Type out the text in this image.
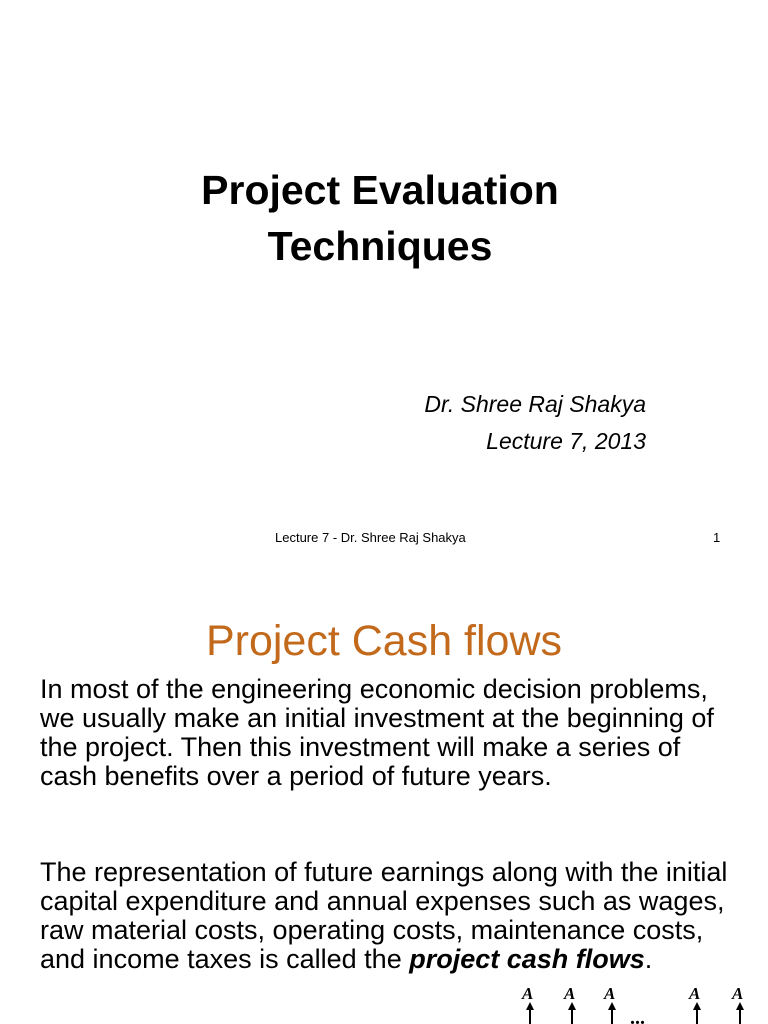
Project Evaluation
Techniques
Dr. Shree Raj Shakya
Lecture 7, 2013
Lecture 7 - Dr. Shree Raj Shakya	1
Project Cash flows

In most of the engineering economic decision problems, we usually make an initial investment at the beginning of the project. Then this investment will make a series of cash benefits over a period of future years.

The representation of future earnings along with the initial capital expenditure and annual expenses such as wages, raw material costs, operating costs, maintenance costs, and income taxes is called the project cash flows.

A A A	A A
...
